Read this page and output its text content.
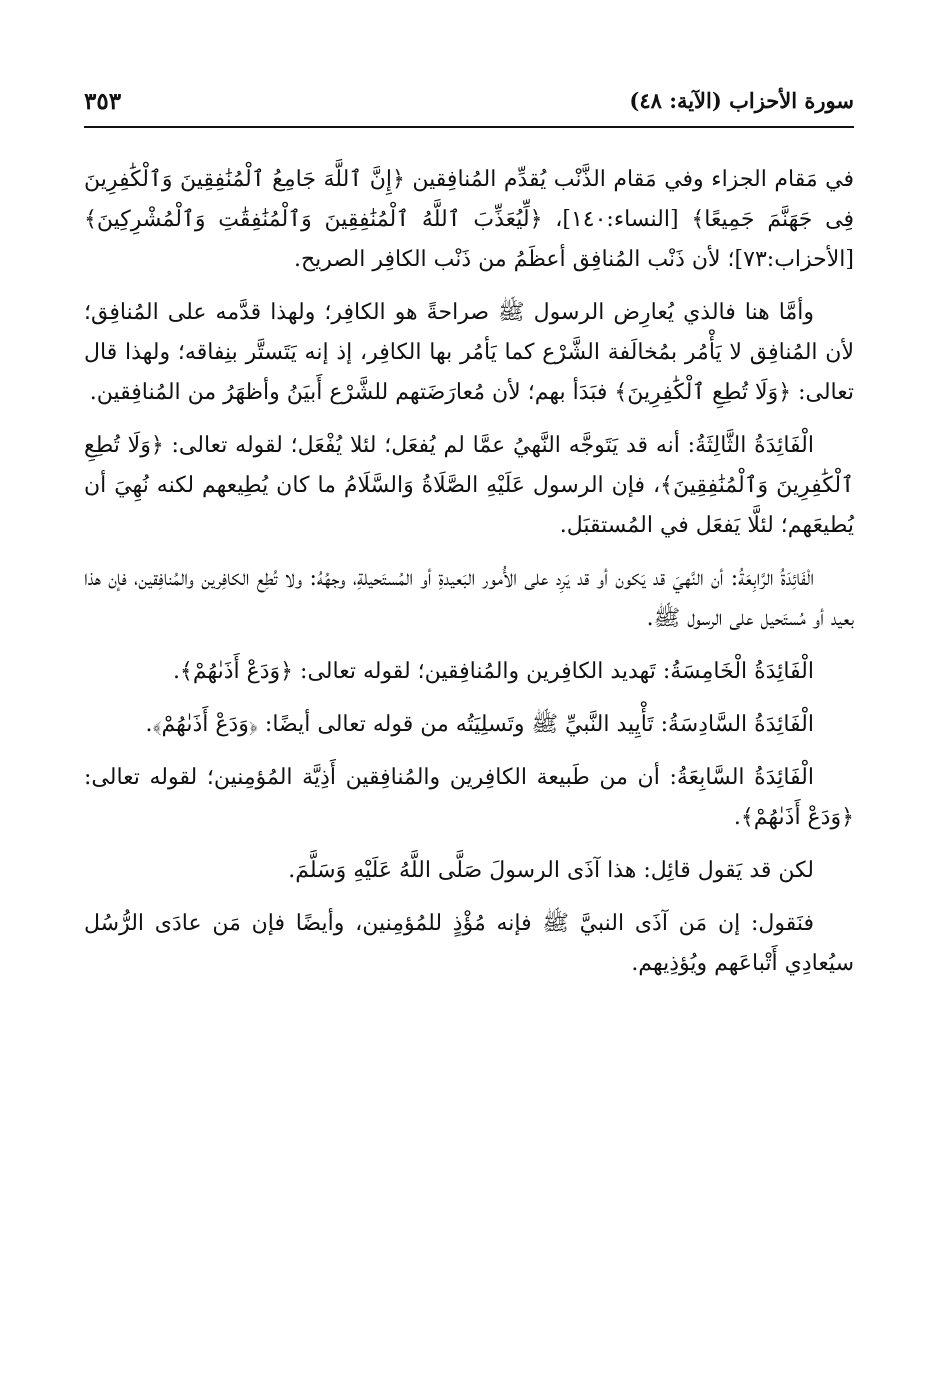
سورة الأحزاب (الآية: ٤٨)
٣٥٣

في مَقام الجزاء وفي مَقام الذَّنْب يُقدِّم المُنافِقين ﴿إِنَّ ٱللَّهَ جَامِعُ ٱلْمُنَٰفِقِينَ وَٱلْكَٰفِرِينَ فِى جَهَنَّمَ جَمِيعًا﴾ [النساء:١٤٠]، ﴿لِّيُعَذِّبَ ٱللَّهُ ٱلْمُنَٰفِقِينَ وَٱلْمُنَٰفِقَٰتِ وَٱلْمُشْرِكِينَ﴾ [الأحزاب:٧٣]؛ لأن ذَنْب المُنافِق أعظَمُ من ذَنْب الكافِر الصريح.

وأمَّا هنا فالذي يُعارِض الرسول ﷺ صراحةً هو الكافِر؛ ولهذا قدَّمه على المُنافِق؛ لأن المُنافِق لا يَأْمُر بمُخالَفة الشَّرْع كما يَأمُر بها الكافِر، إذ إنه يَتَستَّر بنِفاقه؛ ولهذا قال تعالى: ﴿وَلَا تُطِعِ ٱلْكَٰفِرِينَ﴾ فبَدَأ بهم؛ لأن مُعارَضَتهم للشَّرْع أَبيَنُ وأظهَرُ من المُنافِقين.

الْفَائِدَةُ الثَّالِثَةُ: أنه قد يَتَوجَّه النَّهيُ عمَّا لم يُفعَل؛ لئلا يُفْعَل؛ لقوله تعالى: ﴿وَلَا تُطِعِ ٱلْكَٰفِرِينَ وَٱلْمُنَٰفِقِينَ﴾، فإن الرسول عَلَيْهِ الصَّلَاةُ وَالسَّلَامُ ما كان يُطِيعهم لكنه نُهِيَ أن يُطيعَهم؛ لئلَّا يَفعَل في المُستقبَل.

الْفَائِدَةُ الرَّابِعَةُ: أن النَّهيَ قد يَكون أو قد يَرِد على الأُمور البَعيدةِ أو المُستَحيلةِ، وجهُهُ: ولا تُطِع الكافِرين والمُنافِقين، فإن هذا بعيد أو مُستَحيل على الرسول ﷺ.

الْفَائِدَةُ الْخَامِسَةُ: تَهديد الكافِرين والمُنافِقين؛ لقوله تعالى: ﴿وَدَعْ أَذَىٰهُمْ﴾.

الْفَائِدَةُ السَّادِسَةُ: تَأْيِيد النَّبيِّ ﷺ وتَسلِيَتُه من قوله تعالى أيضًا: ﴿وَدَعْ أَذَىٰهُمْ﴾.

الْفَائِدَةُ السَّابِعَةُ: أن من طَبيعة الكافِرين والمُنافِقين أَذِيَّة المُؤمِنين؛ لقوله تعالى: ﴿وَدَعْ أَذَىٰهُمْ﴾.

لكن قد يَقول قائِل: هذا آذَى الرسولَ صَلَّى اللَّهُ عَلَيْهِ وَسَلَّمَ.

فنَقول: إن مَن آذَى النبيَّ ﷺ فإنه مُؤْذٍ للمُؤمِنين، وأيضًا فإن مَن عادَى الرُّسُل سيُعادِي أَتْباعَهم ويُؤذِيهم.
